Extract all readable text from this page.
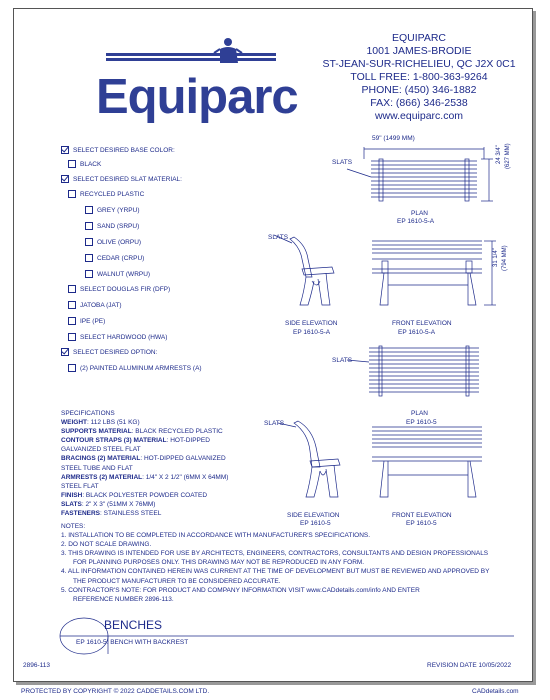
Equiparc
EQUIPARC
1001 JAMES-BRODIE
ST-JEAN-SUR-RICHELIEU, QC J2X 0C1
TOLL FREE: 1-800-363-9264
PHONE: (450) 346-1882
FAX: (866) 346-2538
www.equiparc.com
SELECT DESIRED BASE COLOR:
BLACK
SELECT DESIRED SLAT MATERIAL:
RECYCLED PLASTIC
GREY (YRPU)
SAND (SRPU)
OLIVE (ORPU)
CEDAR (CRPU)
WALNUT (WRPU)
SELECT DOUGLAS FIR (DFP)
JATOBA (JAT)
IPE (PE)
SELECT HARDWOOD (HWA)
SELECT DESIRED OPTION:
(2) PAINTED ALUMINUM ARMRESTS (A)
59" (1499 MM)
24 3/4" (627 MM)
SLATS
PLAN
EP 1610-5-A
SLATS
SIDE ELEVATION
EP 1610-5-A
31 1/4" (794 MM)
FRONT ELEVATION
EP 1610-5-A
SLATS
PLAN
EP 1610-5
SLATS
SIDE ELEVATION
EP 1610-5
FRONT ELEVATION
EP 1610-5
SPECIFICATIONS
WEIGHT: 112 LBS (51 KG)
SUPPORTS MATERIAL: BLACK RECYCLED PLASTIC
CONTOUR STRAPS (3) MATERIAL: HOT-DIPPED
GALVANIZED STEEL FLAT
BRACINGS (2) MATERIAL: HOT-DIPPED GALVANIZED
STEEL TUBE AND FLAT
ARMRESTS (2) MATERIAL: 1/4" X 2 1/2" (6MM X 64MM)
STEEL FLAT
FINISH: BLACK POLYESTER POWDER COATED
SLATS: 2" X 3" (51MM X 76MM)
FASTENERS: STAINLESS STEEL
NOTES:
1. INSTALLATION TO BE COMPLETED IN ACCORDANCE WITH MANUFACTURER'S SPECIFICATIONS.
2. DO NOT SCALE DRAWING.
3. THIS DRAWING IS INTENDED FOR USE BY ARCHITECTS, ENGINEERS, CONTRACTORS, CONSULTANTS AND DESIGN PROFESSIONALS
FOR PLANNING PURPOSES ONLY. THIS DRAWING MAY NOT BE REPRODUCED IN ANY FORM.
4. ALL INFORMATION CONTAINED HEREIN WAS CURRENT AT THE TIME OF DEVELOPMENT BUT MUST BE REVIEWED AND APPROVED BY
THE PRODUCT MANUFACTURER TO BE CONSIDERED ACCURATE.
5. CONTRACTOR'S NOTE: FOR PRODUCT AND COMPANY INFORMATION VISIT www.CADdetails.com/info AND ENTER
REFERENCE NUMBER 2896-113.
BENCHES
EP 1610-5: BENCH WITH BACKREST
2896-113	REVISION DATE 10/05/2022
PROTECTED BY COPYRIGHT © 2022 CADDETAILS.COM LTD.	CADdetails.com
